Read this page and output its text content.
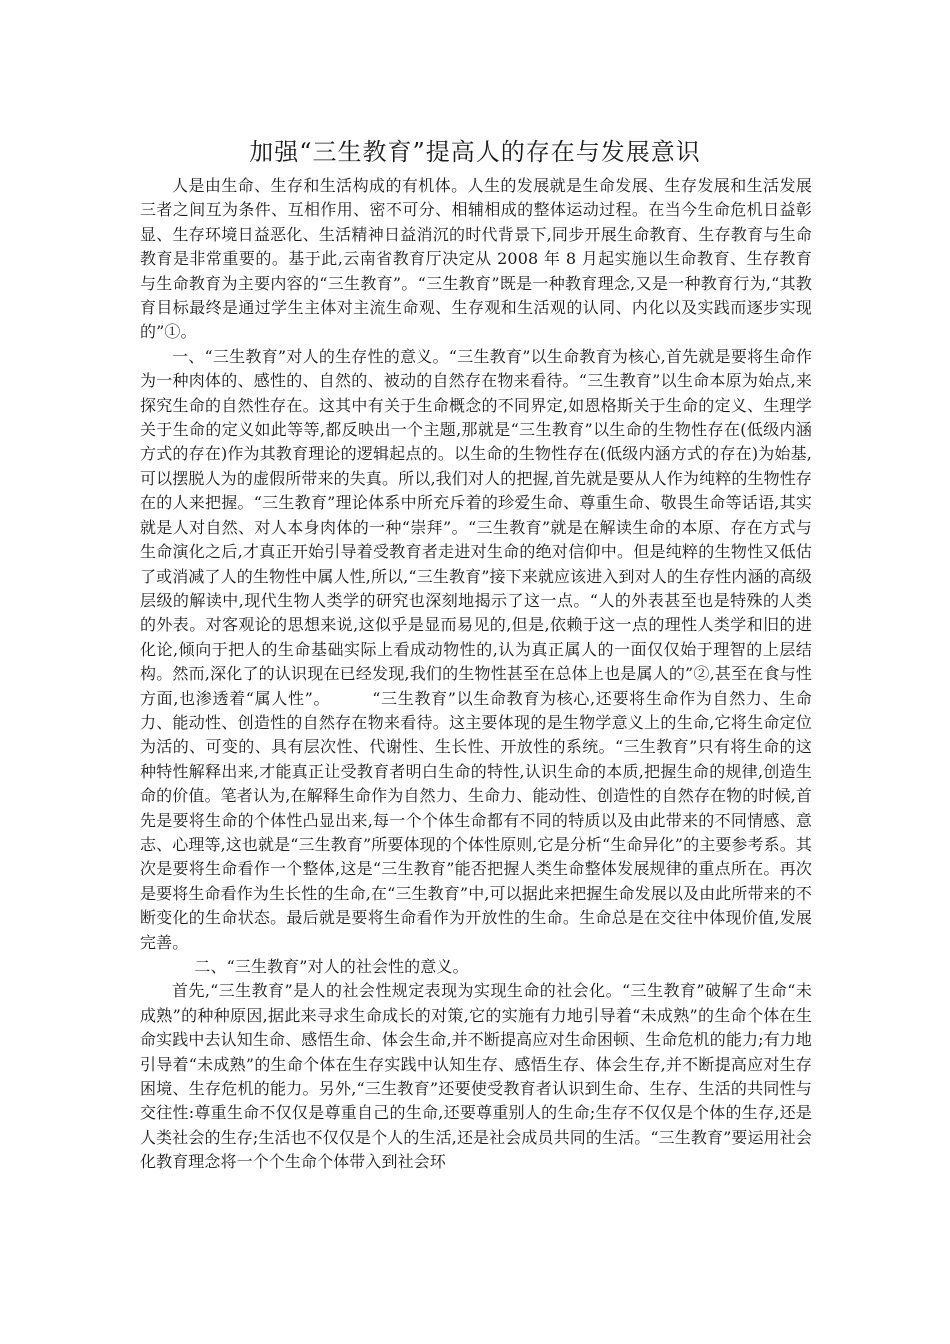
加强“三生教育”提高人的存在与发展意识

人是由生命、生存和生活构成的有机体。人生的发展就是生命发展、生存发展和生活发展三者之间互为条件、互相作用、密不可分、相辅相成的整体运动过程。在当今生命危机日益彰显、生存环境日益恶化、生活精神日益消沉的时代背景下,同步开展生命教育、生存教育与生命教育是非常重要的。基于此,云南省教育厅决定从 2008 年 8 月起实施以生命教育、生存教育与生命教育为主要内容的“三生教育”。“三生教育”既是一种教育理念,又是一种教育行为,“其教育目标最终是通过学生主体对主流生命观、生存观和生活观的认同、内化以及实践而逐步实现的”①。

一、“三生教育”对人的生存性的意义。“三生教育”以生命教育为核心,首先就是要将生命作为一种肉体的、感性的、自然的、被动的自然存在物来看待。“三生教育”以生命本原为始点,来探究生命的自然性存在。这其中有关于生命概念的不同界定,如恩格斯关于生命的定义、生理学关于生命的定义如此等等,都反映出一个主题,那就是“三生教育”以生命的生物性存在(低级内涵方式的存在)作为其教育理论的逻辑起点的。以生命的生物性存在(低级内涵方式的存在)为始基,可以摆脱人为的虚假所带来的失真。所以,我们对人的把握,首先就是要从人作为纯粹的生物性存在的人来把握。“三生教育”理论体系中所充斥着的珍爱生命、尊重生命、敬畏生命等话语,其实就是人对自然、对人本身肉体的一种“崇拜”。“三生教育”就是在解读生命的本原、存在方式与生命演化之后,才真正开始引导着受教育者走进对生命的绝对信仰中。但是纯粹的生物性又低估了或消减了人的生物性中属人性,所以,“三生教育”接下来就应该进入到对人的生存性内涵的高级层级的解读中,现代生物人类学的研究也深刻地揭示了这一点。“人的外表甚至也是特殊的人类的外表。对客观论的思想来说,这似乎是显而易见的,但是,依赖于这一点的理性人类学和旧的进化论,倾向于把人的生命基础实际上看成动物性的,认为真正属人的一面仅仅始于理智的上层结构。然而,深化了的认识现在已经发现,我们的生物性甚至在总体上也是属人的”②,甚至在食与性方面,也渗透着“属人性”。　　　“三生教育”以生命教育为核心,还要将生命作为自然力、生命力、能动性、创造性的自然存在物来看待。这主要体现的是生物学意义上的生命,它将生命定位为活的、可变的、具有层次性、代谢性、生长性、开放性的系统。“三生教育”只有将生命的这种特性解释出来,才能真正让受教育者明白生命的特性,认识生命的本质,把握生命的规律,创造生命的价值。笔者认为,在解释生命作为自然力、生命力、能动性、创造性的自然存在物的时候,首先是要将生命的个体性凸显出来,每一个个体生命都有不同的特质以及由此带来的不同情感、意志、心理等,这也就是“三生教育”所要体现的个体性原则,它是分析“生命异化”的主要参考系。其次是要将生命看作一个整体,这是“三生教育”能否把握人类生命整体发展规律的重点所在。再次是要将生命看作为生长性的生命,在“三生教育”中,可以据此来把握生命发展以及由此所带来的不断变化的生命状态。最后就是要将生命看作为开放性的生命。生命总是在交往中体现价值,发展完善。

二、“三生教育”对人的社会性的意义。

首先,“三生教育”是人的社会性规定表现为实现生命的社会化。“三生教育”破解了生命“未成熟”的种种原因,据此来寻求生命成长的对策,它的实施有力地引导着“未成熟”的生命个体在生命实践中去认知生命、感悟生命、体会生命,并不断提高应对生命困顿、生命危机的能力;有力地引导着“未成熟”的生命个体在生存实践中认知生存、感悟生存、体会生存,并不断提高应对生存困境、生存危机的能力。另外,“三生教育”还要使受教育者认识到生命、生存、生活的共同性与交往性:尊重生命不仅仅是尊重自己的生命,还要尊重别人的生命;生存不仅仅是个体的生存,还是人类社会的生存;生活也不仅仅是个人的生活,还是社会成员共同的生活。“三生教育”要运用社会化教育理念将一个个生命个体带入到社会环
